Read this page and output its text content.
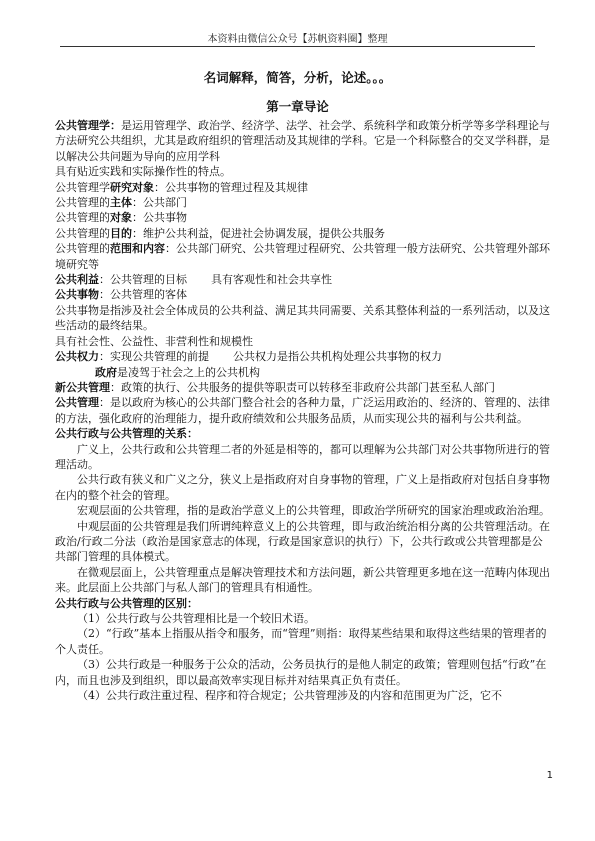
本资料由微信公众号【苏帆资料圈】整理
名词解释，简答，分析，论述。。。
第一章导论

公共管理学：是运用管理学、政治学、经济学、法学、社会学、系统科学和政策分析学等多学科理论与方法研究公共组织，尤其是政府组织的管理活动及其规律的学科。它是一个科际整合的交叉学科群，是以解决公共问题为导向的应用学科

具有贴近实践和实际操作性的特点。

公共管理学研究对象：公共事物的管理过程及其规律

公共管理的主体：公共部门

公共管理的对象：公共事物

公共管理的目的：维护公共利益，促进社会协调发展，提供公共服务

公共管理的范围和内容：公共部门研究、公共管理过程研究、公共管理一般方法研究、公共管理外部环境研究等

公共利益：公共管理的目标 具有客观性和社会共享性

公共事物：公共管理的客体

公共事物是指涉及社会全体成员的公共利益、满足其共同需要、关系其整体利益的一系列活动，以及这些活动的最终结果。

具有社会性、公益性、非营利性和规模性

公共权力：实现公共管理的前提 公共权力是指公共机构处理公共事物的权力

政府是凌驾于社会之上的公共机构

新公共管理：政策的执行、公共服务的提供等职责可以转移至非政府公共部门甚至私人部门

公共管理：是以政府为核心的公共部门整合社会的各种力量，广泛运用政治的、经济的、管理的、法律的方法，强化政府的治理能力，提升政府绩效和公共服务品质，从而实现公共的福利与公共利益。

公共行政与公共管理的关系：

广义上，公共行政和公共管理二者的外延是相等的，都可以理解为公共部门对公共事物所进行的管理活动。

公共行政有狭义和广义之分，狭义上是指政府对自身事物的管理，广义上是指政府对包括自身事物在内的整个社会的管理。

宏观层面的公共管理，指的是政治学意义上的公共管理，即政治学所研究的国家治理或政治治理。

中观层面的公共管理是我们所谓纯粹意义上的公共管理，即与政治统治相分离的公共管理活动。在政治/行政二分法（政治是国家意志的体现，行政是国家意识的执行）下，公共行政或公共管理都是公共部门管理的具体模式。

在微观层面上，公共管理重点是解决管理技术和方法问题，新公共管理更多地在这一范畴内体现出来。此层面上公共部门与私人部门的管理具有相通性。

公共行政与公共管理的区别：

（1）公共行政与公共管理相比是一个较旧术语。

（2）“行政”基本上指服从指令和服务，而“管理”则指：取得某些结果和取得这些结果的管理者的个人责任。

（3）公共行政是一种服务于公众的活动，公务员执行的是他人制定的政策；管理则包括“行政”在内，而且也涉及到组织，即以最高效率实现目标并对结果真正负有责任。

（4）公共行政注重过程、程序和符合规定；公共管理涉及的内容和范围更为广泛，它不

1
